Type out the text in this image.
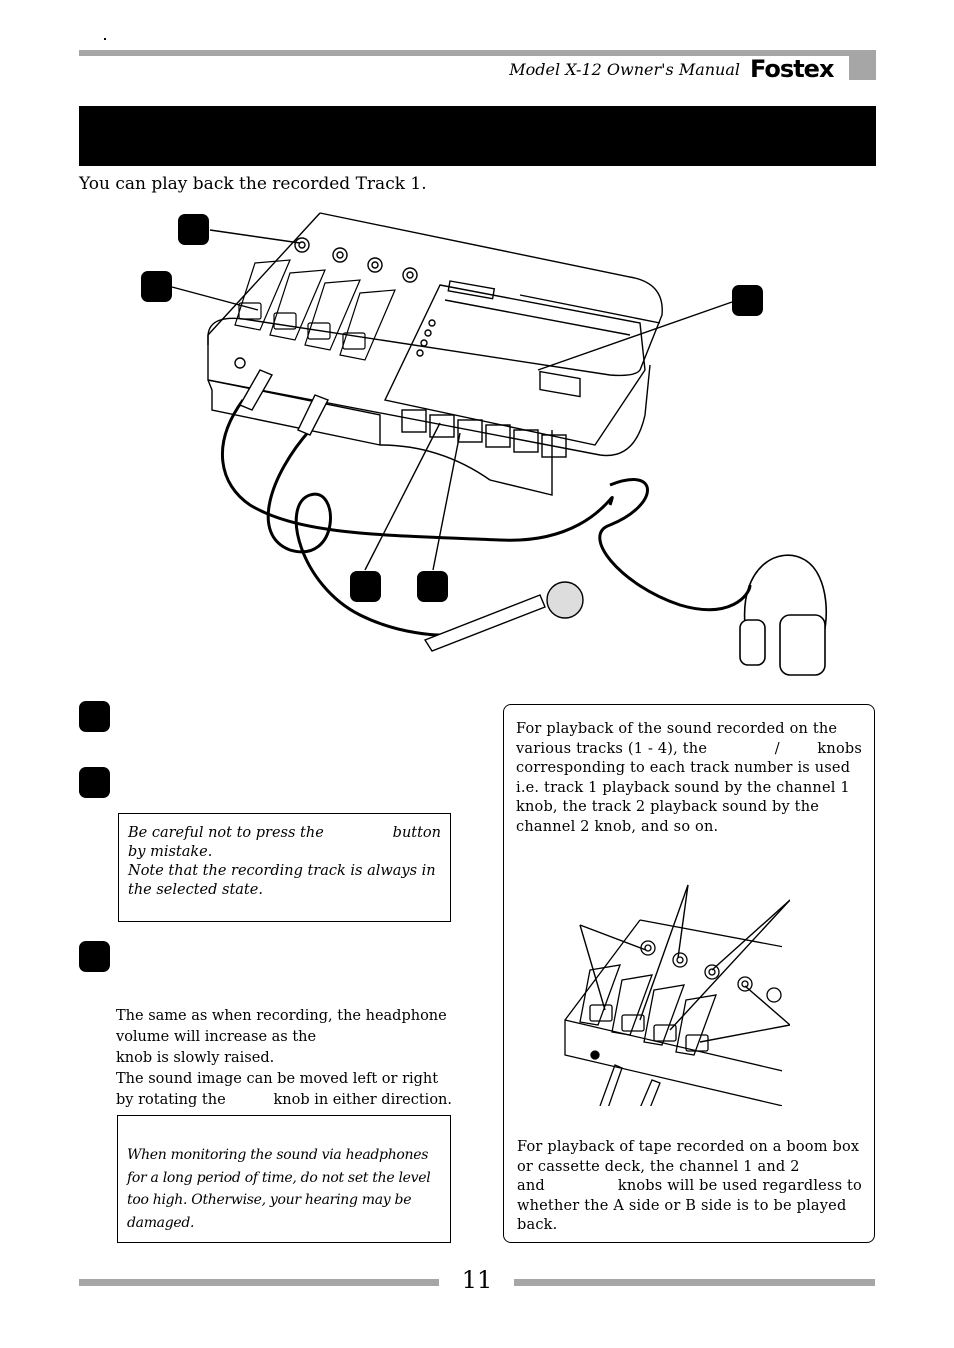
Model X-12 Owner's Manual Fostex
You can play back the recorded Track 1.
Be careful not to press the	button
by mistake.
Note that the recording track is always in
the selected state.
The same as when recording, the headphone
volume will increase as the
knob is slowly raised.
The sound image can be moved left or right
by rotating the	knob in either direction.
When monitoring the sound via headphones
for a long period of time, do not set the level
too high. Otherwise, your hearing may be
damaged.
For playback of the sound recorded on the
various tracks (1 - 4), the	/	knobs
corresponding to each track number is used
i.e. track 1 playback sound by the channel 1
knob, the track 2 playback sound by the
channel 2 knob, and so on.
For playback of tape recorded on a boom box
or cassette deck, the channel 1 and 2
and	knobs will be used regardless to
whether the A side or B side is to be played
back.
11
